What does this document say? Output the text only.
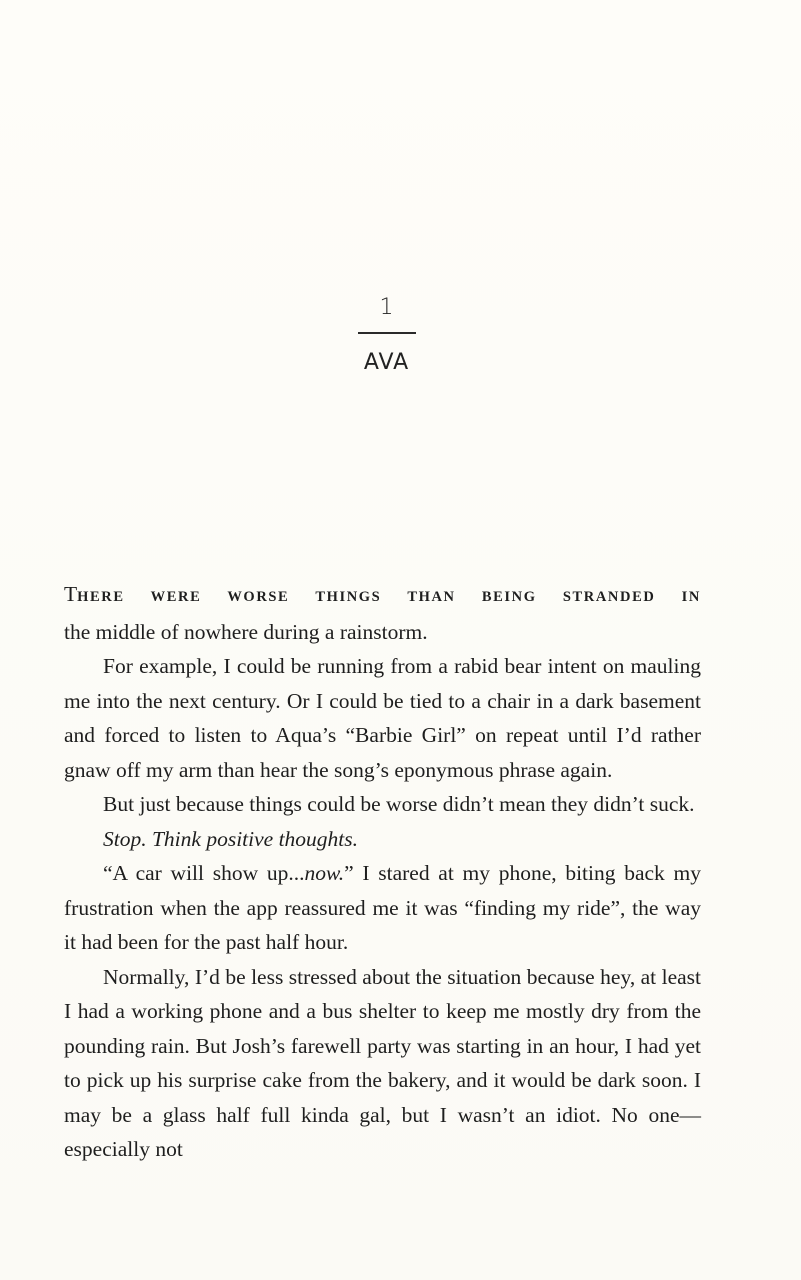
1
AVA

THERE WERE WORSE THINGS THAN BEING STRANDED IN
the middle of nowhere during a rainstorm.

For example, I could be running from a rabid bear intent on mauling me into the next century. Or I could be tied to a chair in a dark basement and forced to listen to Aqua’s “Barbie Girl” on repeat until I’d rather gnaw off my arm than hear the song’s eponymous phrase again.

But just because things could be worse didn’t mean they didn’t suck.

Stop. Think positive thoughts.

“A car will show up...now.” I stared at my phone, biting back my frustration when the app reassured me it was “finding my ride”, the way it had been for the past half hour.

Normally, I’d be less stressed about the situation because hey, at least I had a working phone and a bus shelter to keep me mostly dry from the pounding rain. But Josh’s farewell party was starting in an hour, I had yet to pick up his surprise cake from the bakery, and it would be dark soon. I may be a glass half full kinda gal, but I wasn’t an idiot. No one—especially not
